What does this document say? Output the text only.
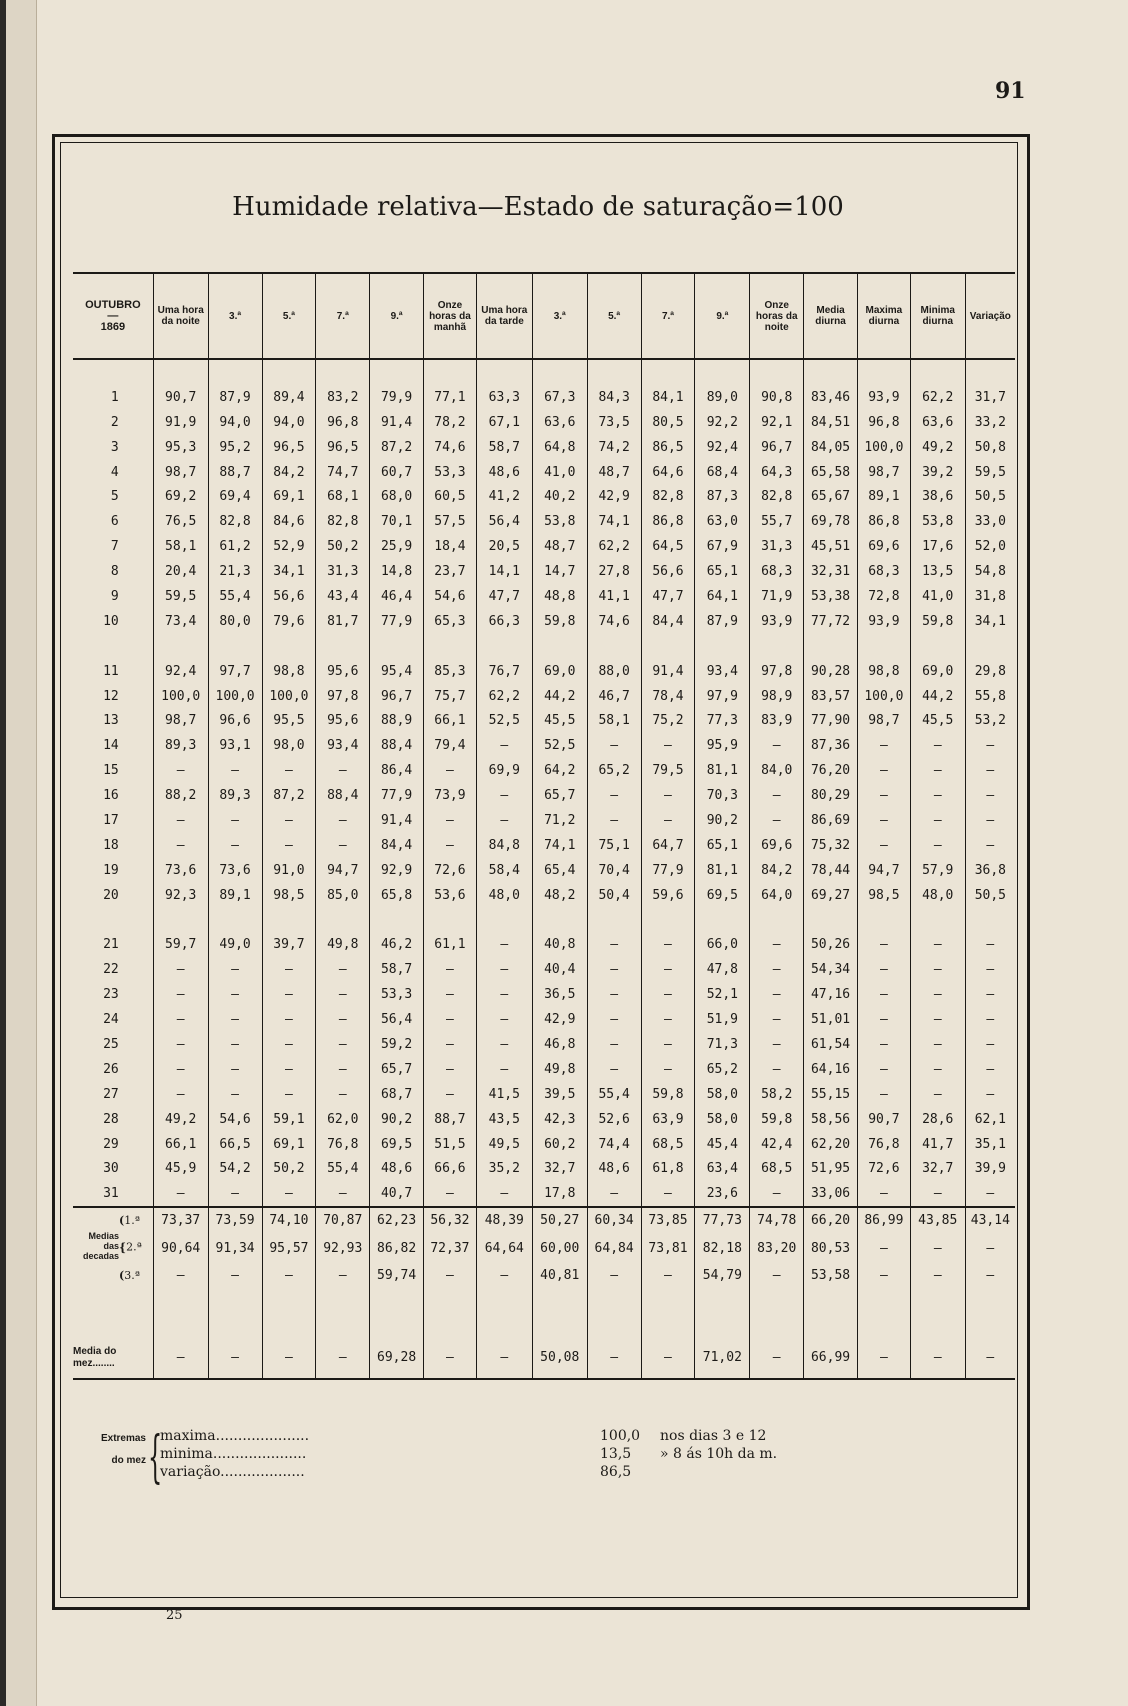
91
Humidade relativa—Estado de saturação=100
OUTUBRO
—
1869	Uma hora da noite	3.ª	5.ª	7.ª	9.ª	Onze horas da manhã	Uma hora da tarde	3.ª	5.ª	7.ª	9.ª	Onze horas da noite	Media diurna	Maxima diurna	Minima diurna	Variação

1	90,7	87,9	89,4	83,2	79,9	77,1	63,3	67,3	84,3	84,1	89,0	90,8	83,46	93,9	62,2	31,7
2	91,9	94,0	94,0	96,8	91,4	78,2	67,1	63,6	73,5	80,5	92,2	92,1	84,51	96,8	63,6	33,2
3	95,3	95,2	96,5	96,5	87,2	74,6	58,7	64,8	74,2	86,5	92,4	96,7	84,05	100,0	49,2	50,8
4	98,7	88,7	84,2	74,7	60,7	53,3	48,6	41,0	48,7	64,6	68,4	64,3	65,58	98,7	39,2	59,5
5	69,2	69,4	69,1	68,1	68,0	60,5	41,2	40,2	42,9	82,8	87,3	82,8	65,67	89,1	38,6	50,5
6	76,5	82,8	84,6	82,8	70,1	57,5	56,4	53,8	74,1	86,8	63,0	55,7	69,78	86,8	53,8	33,0
7	58,1	61,2	52,9	50,2	25,9	18,4	20,5	48,7	62,2	64,5	67,9	31,3	45,51	69,6	17,6	52,0
8	20,4	21,3	34,1	31,3	14,8	23,7	14,1	14,7	27,8	56,6	65,1	68,3	32,31	68,3	13,5	54,8
9	59,5	55,4	56,6	43,4	46,4	54,6	47,7	48,8	41,1	47,7	64,1	71,9	53,38	72,8	41,0	31,8
10	73,4	80,0	79,6	81,7	77,9	65,3	66,3	59,8	74,6	84,4	87,9	93,9	77,72	93,9	59,8	34,1

11	92,4	97,7	98,8	95,6	95,4	85,3	76,7	69,0	88,0	91,4	93,4	97,8	90,28	98,8	69,0	29,8
12	100,0	100,0	100,0	97,8	96,7	75,7	62,2	44,2	46,7	78,4	97,9	98,9	83,57	100,0	44,2	55,8
13	98,7	96,6	95,5	95,6	88,9	66,1	52,5	45,5	58,1	75,2	77,3	83,9	77,90	98,7	45,5	53,2
14	89,3	93,1	98,0	93,4	88,4	79,4	—	52,5	—	—	95,9	—	87,36	—	—	—
15	—	—	—	—	86,4	—	69,9	64,2	65,2	79,5	81,1	84,0	76,20	—	—	—
16	88,2	89,3	87,2	88,4	77,9	73,9	—	65,7	—	—	70,3	—	80,29	—	—	—
17	—	—	—	—	91,4	—	—	71,2	—	—	90,2	—	86,69	—	—	—
18	—	—	—	—	84,4	—	84,8	74,1	75,1	64,7	65,1	69,6	75,32	—	—	—
19	73,6	73,6	91,0	94,7	92,9	72,6	58,4	65,4	70,4	77,9	81,1	84,2	78,44	94,7	57,9	36,8
20	92,3	89,1	98,5	85,0	65,8	53,6	48,0	48,2	50,4	59,6	69,5	64,0	69,27	98,5	48,0	50,5

21	59,7	49,0	39,7	49,8	46,2	61,1	—	40,8	—	—	66,0	—	50,26	—	—	—
22	—	—	—	—	58,7	—	—	40,4	—	—	47,8	—	54,34	—	—	—
23	—	—	—	—	53,3	—	—	36,5	—	—	52,1	—	47,16	—	—	—
24	—	—	—	—	56,4	—	—	42,9	—	—	51,9	—	51,01	—	—	—
25	—	—	—	—	59,2	—	—	46,8	—	—	71,3	—	61,54	—	—	—
26	—	—	—	—	65,7	—	—	49,8	—	—	65,2	—	64,16	—	—	—
27	—	—	—	—	68,7	—	41,5	39,5	55,4	59,8	58,0	58,2	55,15	—	—	—
28	49,2	54,6	59,1	62,0	90,2	88,7	43,5	42,3	52,6	63,9	58,0	59,8	58,56	90,7	28,6	62,1
29	66,1	66,5	69,1	76,8	69,5	51,5	49,5	60,2	74,4	68,5	45,4	42,4	62,20	76,8	41,7	35,1
30	45,9	54,2	50,2	55,4	48,6	66,6	35,2	32,7	48,6	61,8	63,4	68,5	51,95	72,6	32,7	39,9
31	—	—	—	—	40,7	—	—	17,8	—	—	23,6	—	33,06	—	—	—
(1.ª	73,37	73,59	74,10	70,87	62,23	56,32	48,39	50,27	60,34	73,85	77,73	74,78	66,20	86,99	43,85	43,14
Medias das decadas{2.ª	90,64	91,34	95,57	92,93	86,82	72,37	64,64	60,00	64,84	73,81	82,18	83,20	80,53	—	—	—
(3.ª	—	—	—	—	59,74	—	—	40,81	—	—	54,79	—	53,58	—	—	—

Media do mez........	—	—	—	—	69,28	—	—	50,08	—	—	71,02	—	66,99	—	—	—
Extremas do mez {
maxima.....................	100,0 nos dias 3 e 12
minima.....................	13,5 » 8 ás 10h da m.
variação...................	86,5
25
